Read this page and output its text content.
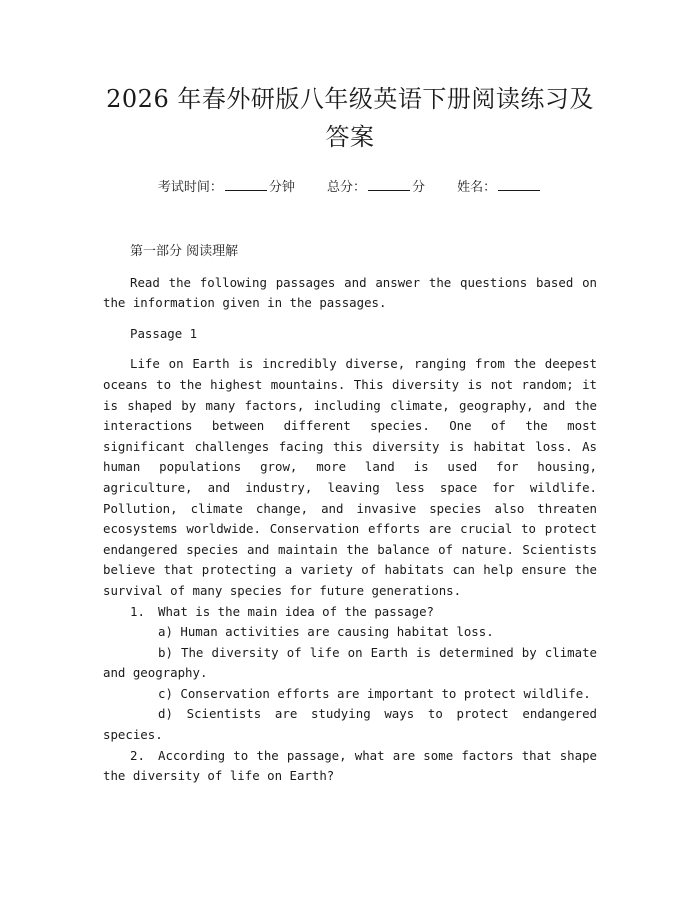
2026 年春外研版八年级英语下册阅读练习及
答案
考试时间：	分钟 总分：	分 姓名：

第一部分 阅读理解

Read the following passages and answer the questions based on the information given in the passages.

Passage 1

Life on Earth is incredibly diverse, ranging from the deepest oceans to the highest mountains. This diversity is not random; it is shaped by many factors, including climate, geography, and the interactions between different species. One of the most significant challenges facing this diversity is habitat loss. As human populations grow, more land is used for housing, agriculture, and industry, leaving less space for wildlife. Pollution, climate change, and invasive species also threaten ecosystems worldwide. Conservation efforts are crucial to protect endangered species and maintain the balance of nature. Scientists believe that protecting a variety of habitats can help ensure the survival of many species for future generations.

1. What is the main idea of the passage?

a) Human activities are causing habitat loss.

b) The diversity of life on Earth is determined by climate and geography.

c) Conservation efforts are important to protect wildlife.

d) Scientists are studying ways to protect endangered species.

2. According to the passage, what are some factors that shape the diversity of life on Earth?
